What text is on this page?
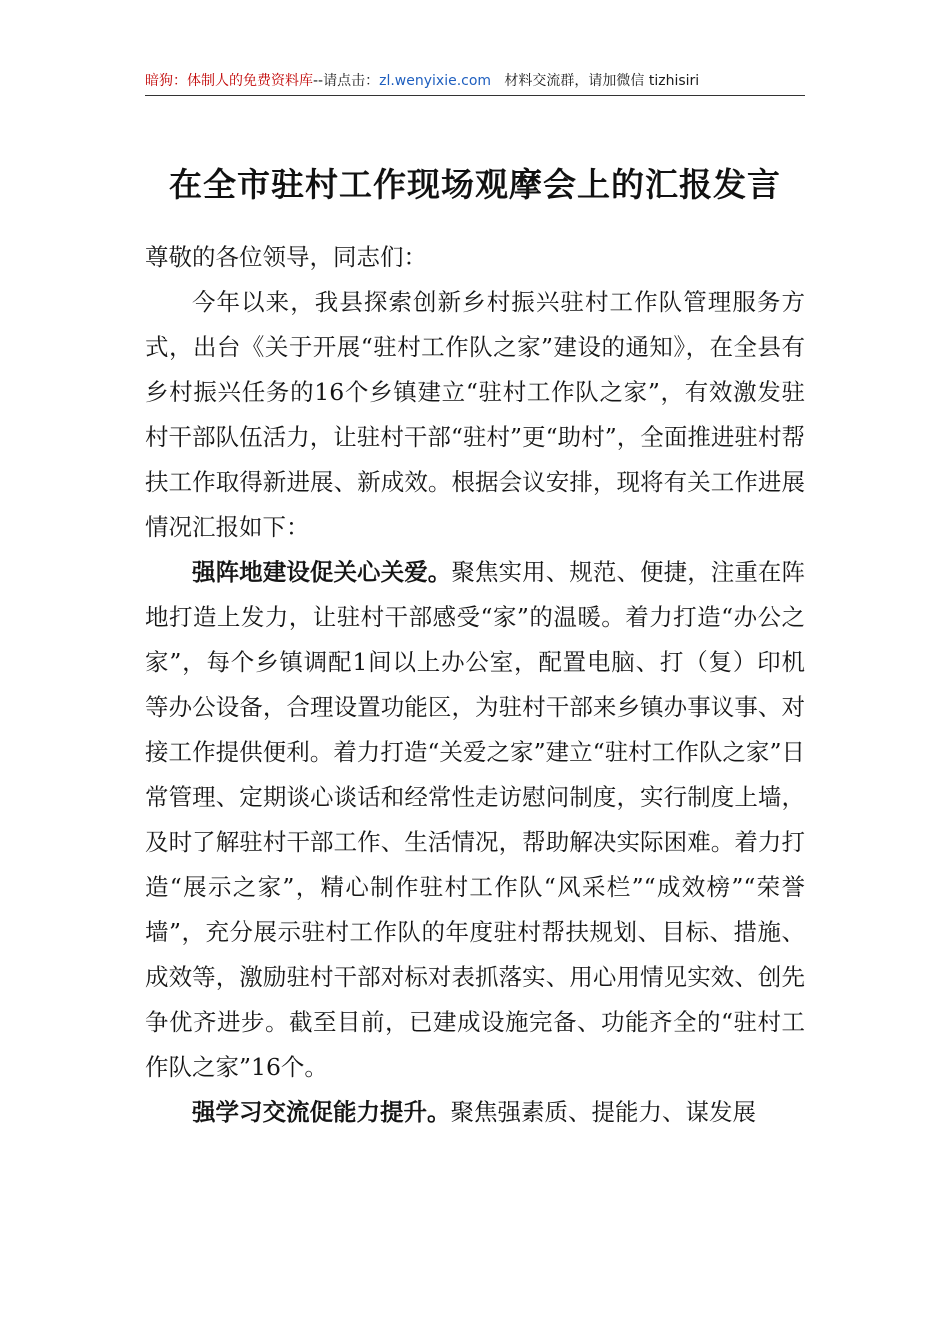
暗狗：体制人的免费资料库--请点击：zl.wenyixie.com 材料交流群，请加微信 tizhisiri
在全市驻村工作现场观摩会上的汇报发言

尊敬的各位领导，同志们：

今年以来，我县探索创新乡村振兴驻村工作队管理服务方式，出台《关于开展“驻村工作队之家”建设的通知》，在全县有乡村振兴任务的16个乡镇建立“驻村工作队之家”，有效激发驻村干部队伍活力，让驻村干部“驻村”更“助村”，全面推进驻村帮扶工作取得新进展、新成效。根据会议安排，现将有关工作进展情况汇报如下：

强阵地建设促关心关爱。聚焦实用、规范、便捷，注重在阵地打造上发力，让驻村干部感受“家”的温暖。着力打造“办公之家”，每个乡镇调配1间以上办公室，配置电脑、打（复）印机等办公设备，合理设置功能区，为驻村干部来乡镇办事议事、对接工作提供便利。着力打造“关爱之家”建立“驻村工作队之家”日常管理、定期谈心谈话和经常性走访慰问制度，实行制度上墙，及时了解驻村干部工作、生活情况，帮助解决实际困难。着力打造“展示之家”，精心制作驻村工作队“风采栏”“成效榜”“荣誉墙”，充分展示驻村工作队的年度驻村帮扶规划、目标、措施、成效等，激励驻村干部对标对表抓落实、用心用情见实效、创先争优齐进步。截至目前，已建成设施完备、功能齐全的“驻村工作队之家”16个。

强学习交流促能力提升。聚焦强素质、提能力、谋发展
